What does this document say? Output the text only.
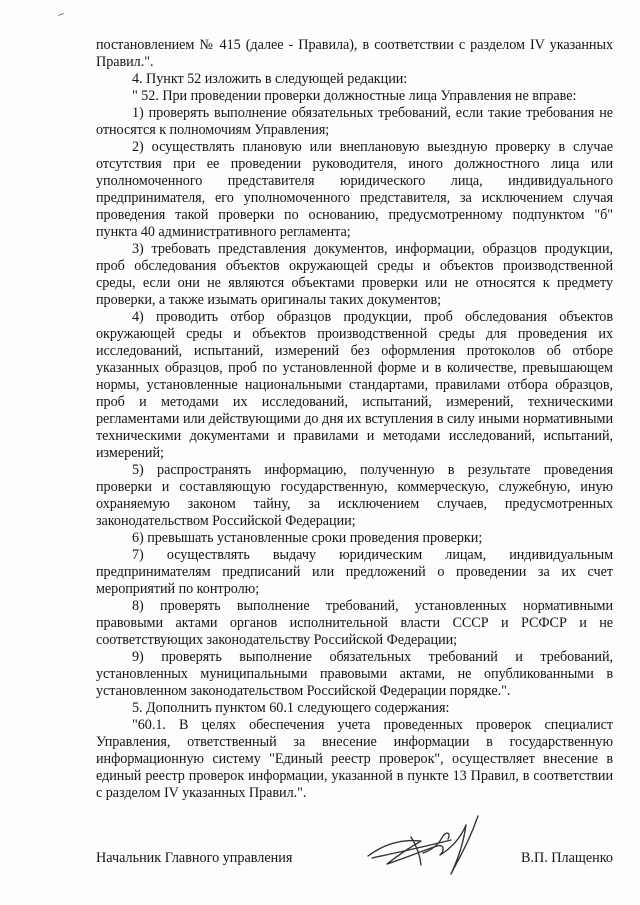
постановлением № 415 (далее - Правила), в соответствии с разделом IV указанных Правил.".

4. Пункт 52 изложить в следующей редакции:

" 52. При проведении проверки должностные лица Управления не вправе:

1) проверять выполнение обязательных требований, если такие требования не относятся к полномочиям Управления;

2) осуществлять плановую или внеплановую выездную проверку в случае отсутствия при ее проведении руководителя, иного должностного лица или уполномоченного представителя юридического лица, индивидуального предпринимателя, его уполномоченного представителя, за исключением случая проведения такой проверки по основанию, предусмотренному подпунктом "б" пункта 40 административного регламента;

3) требовать представления документов, информации, образцов продукции, проб обследования объектов окружающей среды и объектов производственной среды, если они не являются объектами проверки или не относятся к предмету проверки, а также изымать оригиналы таких документов;

4) проводить отбор образцов продукции, проб обследования объектов окружающей среды и объектов производственной среды для проведения их исследований, испытаний, измерений без оформления протоколов об отборе указанных образцов, проб по установленной форме и в количестве, превышающем нормы, установленные национальными стандартами, правилами отбора образцов, проб и методами их исследований, испытаний, измерений, техническими регламентами или действующими до дня их вступления в силу иными нормативными техническими документами и правилами и методами исследований, испытаний, измерений;

5) распространять информацию, полученную в результате проведения проверки и составляющую государственную, коммерческую, служебную, иную охраняемую законом тайну, за исключением случаев, предусмотренных законодательством Российской Федерации;

6) превышать установленные сроки проведения проверки;

7) осуществлять выдачу юридическим лицам, индивидуальным предпринимателям предписаний или предложений о проведении за их счет мероприятий по контролю;

8) проверять выполнение требований, установленных нормативными правовыми актами органов исполнительной власти СССР и РСФСР и не соответствующих законодательству Российской Федерации;

9) проверять выполнение обязательных требований и требований, установленных муниципальными правовыми актами, не опубликованными в установленном законодательством Российской Федерации порядке.".

5. Дополнить пунктом 60.1 следующего содержания:

"60.1. В целях обеспечения учета проведенных проверок специалист Управления, ответственный за внесение информации в государственную информационную систему "Единый реестр проверок", осуществляет внесение в единый реестр проверок информации, указанной в пункте 13 Правил, в соответствии с разделом IV указанных Правил.".

Начальник Главного управления	В.П. Плащенко
